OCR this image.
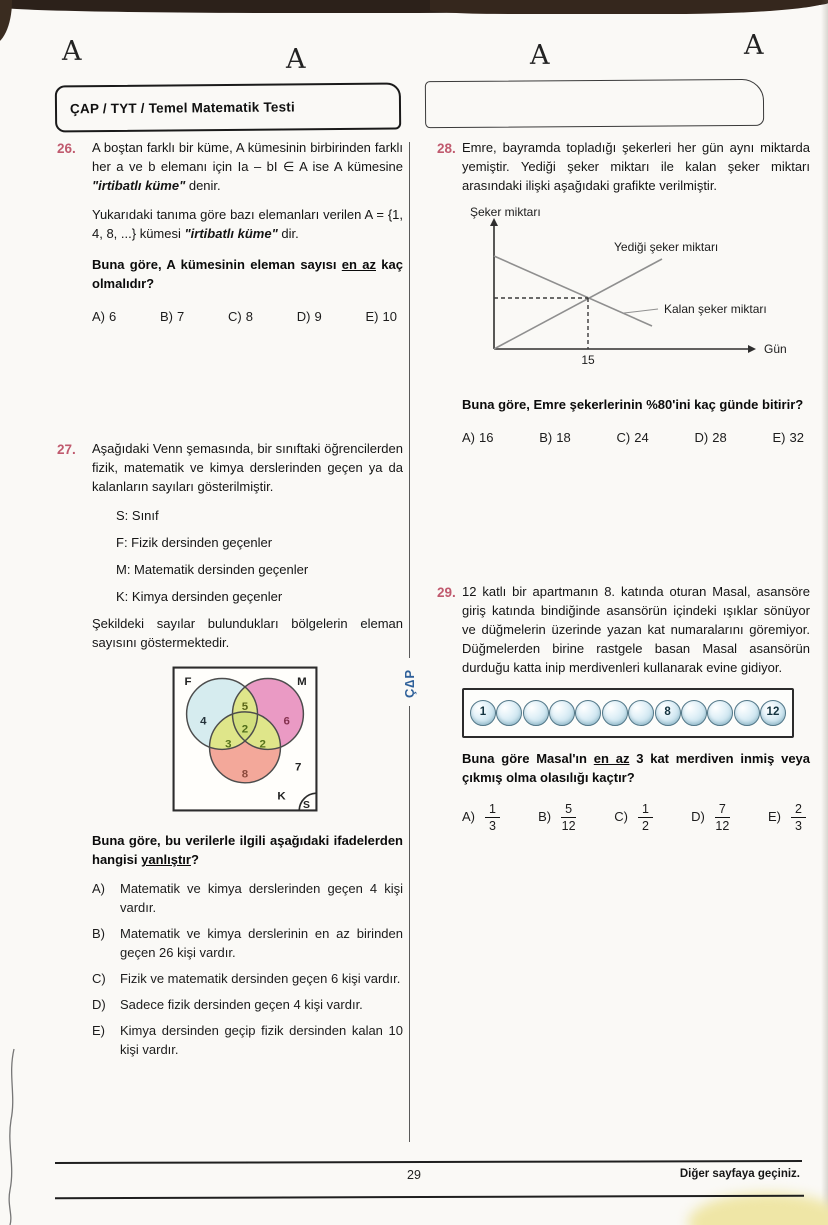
A	A	A	A
ÇAP / TYT / Temel Matematik Testi
Ç∆P
26. A boştan farklı bir küme, A kümesinin birbirinden farklı her a ve b elemanı için Ia – bI ∈ A ise A kümesine "irtibatlı küme" denir.

Yukarıdaki tanıma göre bazı elemanları verilen A = {1, 4, 8, ...} kümesi "irtibatlı küme" dir.

Buna göre, A kümesinin eleman sayısı en az kaç olmalıdır?

A) 6	B) 7	C) 8	D) 9	E) 10
27. Aşağıdaki Venn şemasında, bir sınıftaki öğrencilerden fizik, matematik ve kimya derslerinden geçen ya da kalanların sayıları gösterilmiştir.

S: Sınıf
F: Fizik dersinden geçenler
M: Matematik dersinden geçenler
K: Kimya dersinden geçenler

Şekildeki sayılar bulundukları bölgelerin eleman sayısını göstermektedir.

F	M
K
S
4
5
6
3
2
2
8
7

Buna göre, bu verilerle ilgili aşağıdaki ifadelerden hangisi yanlıştır?

A)	Matematik ve kimya derslerinden geçen 4 kişi vardır.
B)	Matematik ve kimya derslerinin en az birinden geçen 26 kişi vardır.
C)	Fizik ve matematik dersinden geçen 6 kişi vardır.
D)	Sadece fizik dersinden geçen 4 kişi vardır.
E)	Kimya dersinden geçip fizik dersinden kalan 10 kişi vardır.
28. Emre, bayramda topladığı şekerleri her gün aynı miktarda yemiştir. Yediği şeker miktarı ile kalan şeker miktarı arasındaki ilişki aşağıdaki grafikte verilmiştir.

Şeker miktarı
Gün
Yediği şeker miktarı
Kalan şeker miktarı
15

Buna göre, Emre şekerlerinin %80'ini kaç günde bitirir?

A) 16	B) 18	C) 24	D) 28	E) 32
29. 12 katlı bir apartmanın 8. katında oturan Masal, asansöre giriş katında bindiğinde asansörün içindeki ışıklar sönüyor ve düğmelerin üzerinde yazan kat numaralarını göremiyor. Düğmelerden birine rastgele basan Masal asansörün durduğu katta inip merdivenleri kullanarak evine gidiyor.

1	8	12

Buna göre Masal'ın en az 3 kat merdiven inmiş veya çıkmış olma olasılığı kaçtır?

$A) \frac{1}{3}$	$B) \frac{5}{12}$	$C) \frac{1}{2}$	$D) \frac{7}{12}$	$E) \frac{2}{3}$
29	Diğer sayfaya geçiniz.
